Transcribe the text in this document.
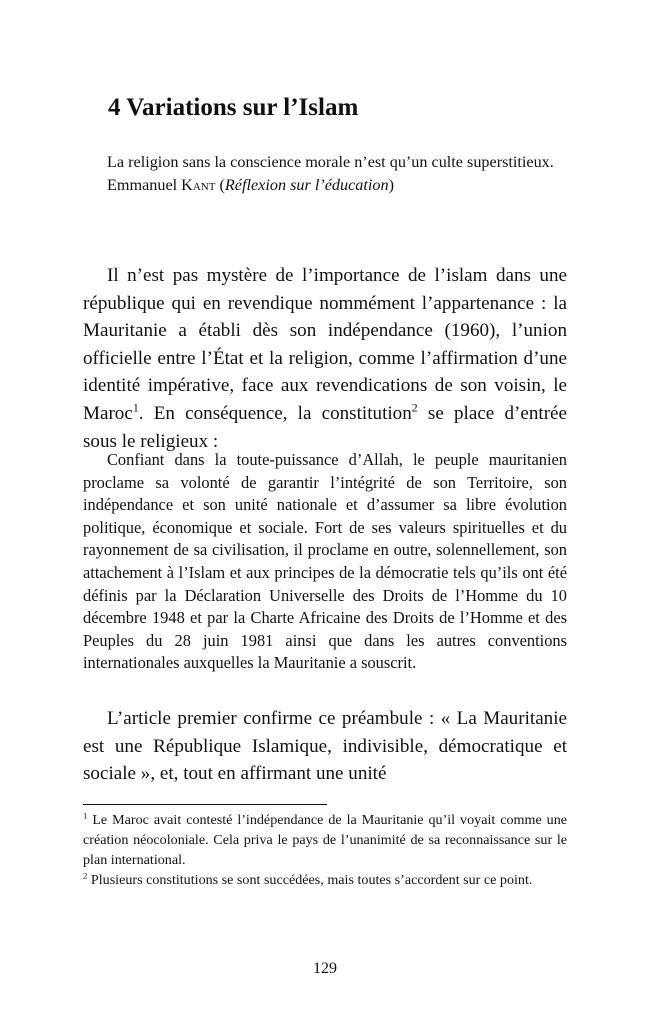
4 Variations sur l’Islam

La religion sans la conscience morale n’est qu’un culte superstitieux.

Emmanuel Kant (Réflexion sur l’éducation)

Il n’est pas mystère de l’importance de l’islam dans une république qui en revendique nommément l’appartenance : la Mauritanie a établi dès son indépendance (1960), l’union officielle entre l’État et la religion, comme l’affirmation d’une identité impérative, face aux revendications de son voisin, le Maroc$^1$. En conséquence, la constitution$^2$ se place d’entrée sous le religieux :

Confiant dans la toute-puissance d’Allah, le peuple mauritanien proclame sa volonté de garantir l’intégrité de son Territoire, son indépendance et son unité nationale et d’assumer sa libre évolution politique, économique et sociale. Fort de ses valeurs spirituelles et du rayonnement de sa civilisation, il proclame en outre, solennellement, son attachement à l’Islam et aux principes de la démocratie tels qu’ils ont été définis par la Déclaration Universelle des Droits de l’Homme du 10 décembre 1948 et par la Charte Africaine des Droits de l’Homme et des Peuples du 28 juin 1981 ainsi que dans les autres conventions internationales auxquelles la Mauritanie a souscrit.

L’article premier confirme ce préambule : « La Mauritanie est une République Islamique, indivisible, démocratique et sociale », et, tout en affirmant une unité

$^1$ Le Maroc avait contesté l’indépendance de la Mauritanie qu’il voyait comme une création néocoloniale. Cela priva le pays de l’unanimité de sa reconnaissance sur le plan international.

$^2$ Plusieurs constitutions se sont succédées, mais toutes s’accordent sur ce point.

129
